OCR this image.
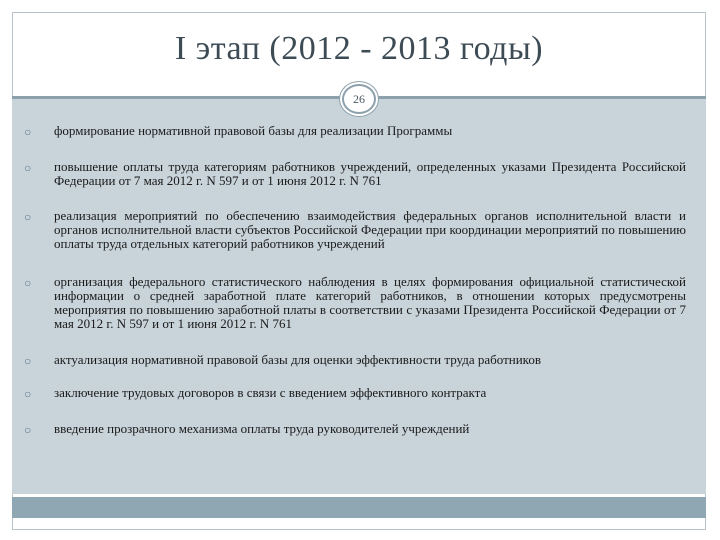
I этап (2012 - 2013 годы)
26
○ формирование нормативной правовой базы для реализации Программы
○ повышение оплаты труда категориям работников учреждений, определенных указами Президента Российской Федерации от 7 мая 2012 г. N 597 и от 1 июня 2012 г. N 761
○ реализация мероприятий по обеспечению взаимодействия федеральных органов исполнительной власти и органов исполнительной власти субъектов Российской Федерации при координации мероприятий по повышению оплаты труда отдельных категорий работников учреждений
○ организация федерального статистического наблюдения в целях формирования официальной статистической информации о средней заработной плате категорий работников, в отношении которых предусмотрены мероприятия по повышению заработной платы в соответствии с указами Президента Российской Федерации от 7 мая 2012 г. N 597 и от 1 июня 2012 г. N 761
○ актуализация нормативной правовой базы для оценки эффективности труда работников
○ заключение трудовых договоров в связи с введением эффективного контракта
○ введение прозрачного механизма оплаты труда руководителей учреждений
